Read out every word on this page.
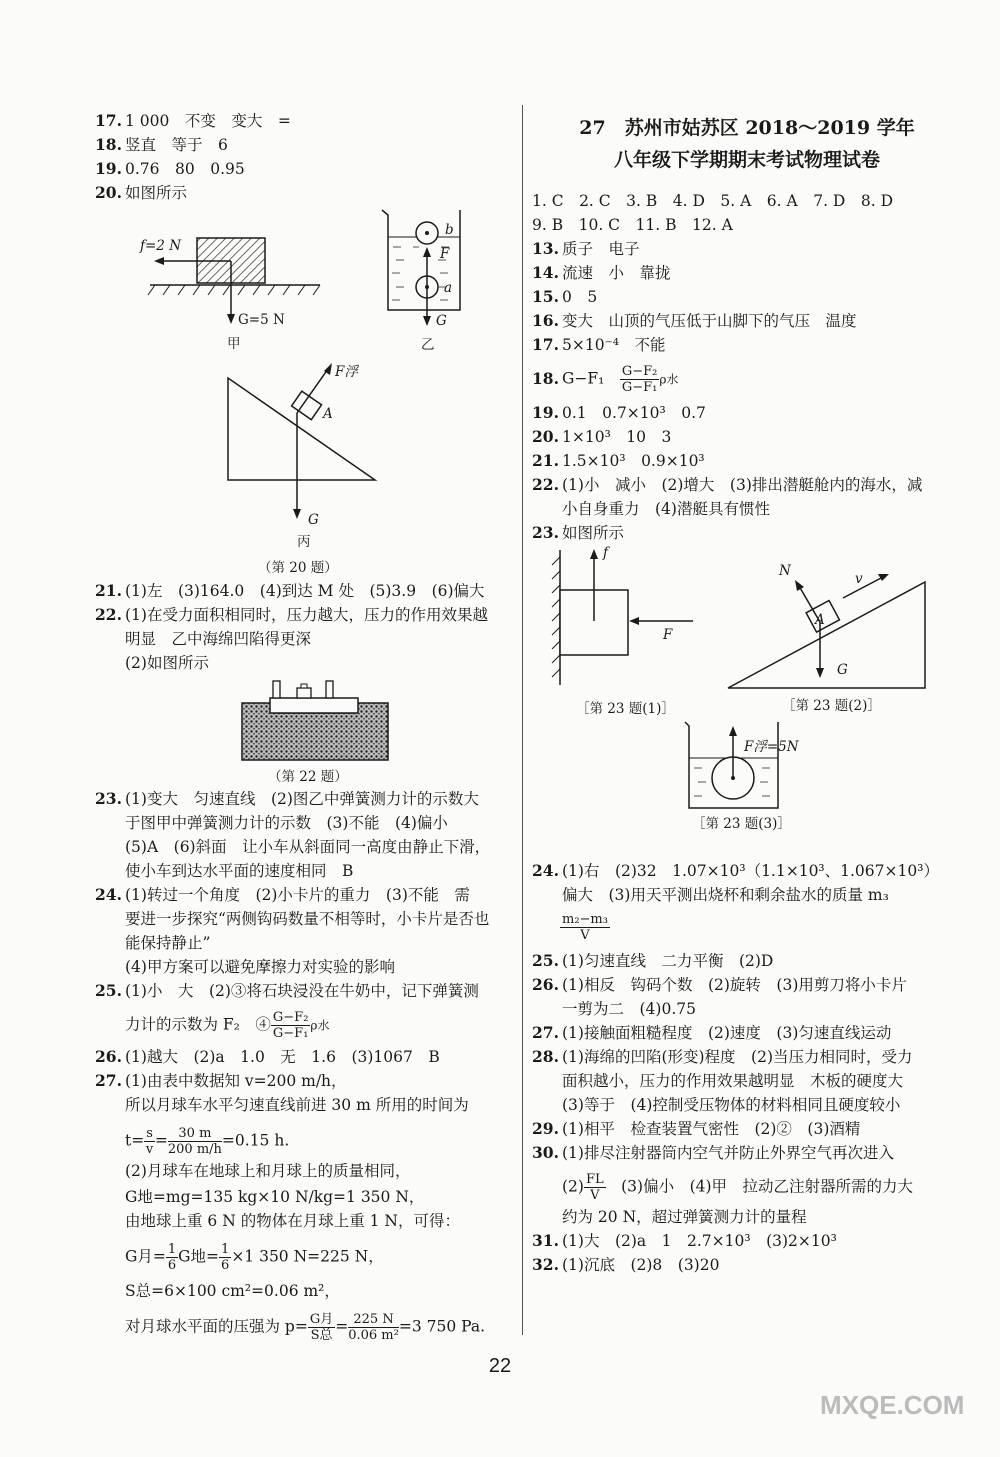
17. 1 000　不变　变大　=
18. 竖直　等于　6
19. 0.76　80　0.95
20. 如图所示
f=2 N
G=5 N
甲
b
F
a
G
乙
F浮
A
G
丙
（第 20 题）
21. (1)左　(3)164.0　(4)到达 M 处　(5)3.9　(6)偏大
22. (1)在受力面积相同时，压力越大，压力的作用效果越
明显　乙中海绵凹陷得更深
(2)如图所示
（第 22 题）
23. (1)变大　匀速直线　(2)图乙中弹簧测力计的示数大
于图甲中弹簧测力计的示数　(3)不能　(4)偏小
(5)A　(6)斜面　让小车从斜面同一高度由静止下滑，
使小车到达水平面的速度相同　B
24. (1)转过一个角度　(2)小卡片的重力　(3)不能　需
要进一步探究“两侧钩码数量不相等时，小卡片是否也
能保持静止”
(4)甲方案可以避免摩擦力对实验的影响
25. (1)小　大　(2)③将石块浸没在牛奶中，记下弹簧测
力计的示数为 F₂　④ $\frac{\text{G−F₂}}{\text{G−F₁}}$ ρ水
26. (1)越大　(2)a　1.0　无　1.6　(3)1067　B
27. (1)由表中数据知 v=200 m/h，
所以月球车水平匀速直线前进 30 m 所用的时间为
$t= \frac{s}{v} = \frac{30 m}{200 m/h} =0.15$ h.
(2)月球车在地球上和月球上的质量相同，
G地=mg=135 kg×10 N/kg=1 350 N，
由地球上重 6 N 的物体在月球上重 1 N，可得：
G月= $\frac{1}{6}$ G地= $\frac{1}{6} \times 1$ 350 N=225 N，
S总=6×100 cm²=0.06 m²，
对月球水平面的压强为 $p= \frac{\text{G月}}{\text{S总}} = \frac{225 N}{\text{0.06 m²}} =3$ 750 Pa.
27　苏州市姑苏区 2018～2019 学年
八年级下学期期末考试物理试卷
1. C　2. C　3. B　4. D　5. A　6. A　7. D　8. D
9. B　10. C　11. B　12. A
13. 质子　电子
14. 流速　小　靠拢
15. 0　5
16. 变大　山顶的气压低于山脚下的气压　温度
17. 5×10⁻⁴　不能
18. G−F₁　 $\frac{\text{G−F₂}}{\text{G−F₁}}$ ρ水
19. 0.1　0.7×10³　0.7
20. 1×10³　10　3
21. 1.5×10³　0.9×10³
22. (1)小　减小　(2)增大　(3)排出潜艇舱内的海水，减
小自身重力　(4)潜艇具有惯性
23. 如图所示
f
F
［第 23 题(1)］
N	v
A
G
［第 23 题(2)］
F浮=5N
［第 23 题(3)］
24. (1)右　(2)32　1.07×10³（1.1×10³、1.067×10³）
偏大　(3)用天平测出烧杯和剩余盐水的质量 m₃
$\frac{\text{m₂−m₃}}{V}$
25. (1)匀速直线　二力平衡　(2)D
26. (1)相反　钩码个数　(2)旋转　(3)用剪刀将小卡片
一剪为二　(4)0.75
27. (1)接触面粗糙程度　(2)速度　(3)匀速直线运动
28. (1)海绵的凹陷(形变)程度　(2)当压力相同时，受力
面积越小，压力的作用效果越明显　木板的硬度大
(3)等于　(4)控制受压物体的材料相同且硬度较小
29. (1)相平　检查装置气密性　(2)②　(3)酒精
30. (1)排尽注射器筒内空气并防止外界空气再次进入
$(2) \frac{FL}{V}$ 　(3)偏小　(4)甲　拉动乙注射器所需的力大
约为 20 N，超过弹簧测力计的量程
31. (1)大　(2)a　1　2.7×10³　(3)2×10³
32. (1)沉底　(2)8　(3)20
22
MXQE.COM
